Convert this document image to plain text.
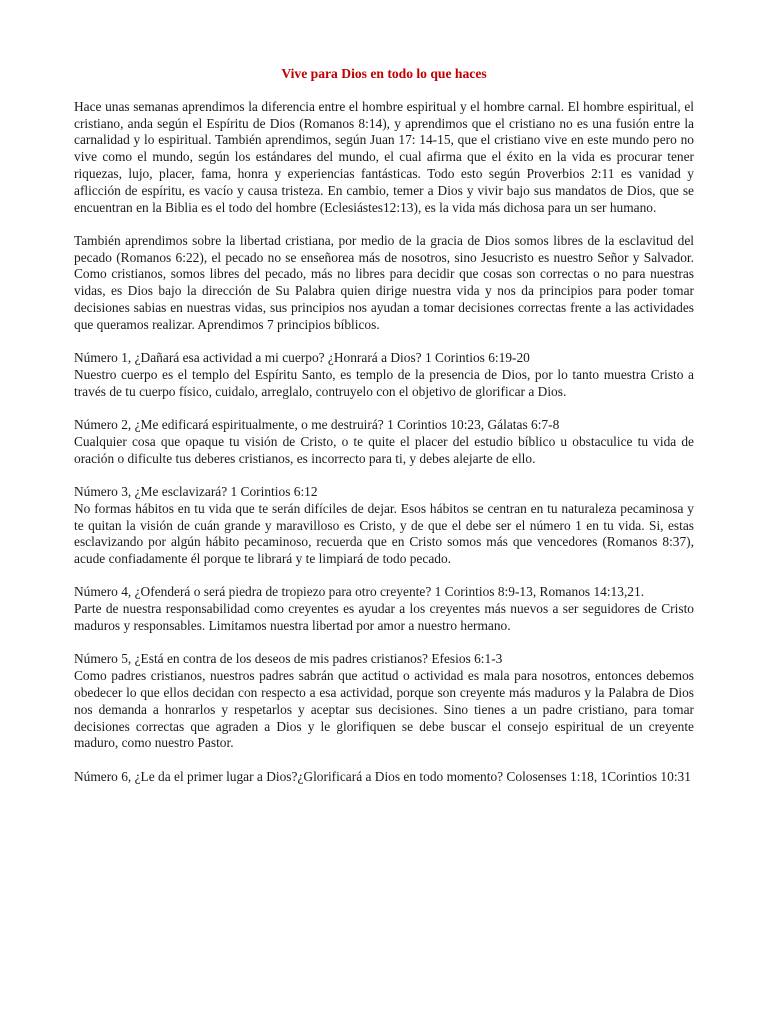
Vive para Dios en todo lo que haces

Hace unas semanas aprendimos la diferencia entre el hombre espiritual y el hombre carnal. El hombre espiritual, el cristiano, anda según el Espíritu de Dios (Romanos 8:14), y aprendimos que el cristiano no es una fusión entre la carnalidad y lo espiritual. También aprendimos, según Juan 17: 14-15, que el cristiano vive en este mundo pero no vive como el mundo, según los estándares del mundo, el cual afirma que el éxito en la vida es procurar tener riquezas, lujo, placer, fama, honra y experiencias fantásticas. Todo esto según Proverbios 2:11 es vanidad y aflicción de espíritu, es vacío y causa tristeza. En cambio, temer a Dios y vivir bajo sus mandatos de Dios, que se encuentran en la Biblia es el todo del hombre (Eclesiástes12:13), es la vida más dichosa para un ser humano.

También aprendimos sobre la libertad cristiana, por medio de la gracia de Dios somos libres de la esclavitud del pecado (Romanos 6:22), el pecado no se enseñorea más de nosotros, sino Jesucristo es nuestro Señor y Salvador. Como cristianos, somos libres del pecado, más no libres para decidir que cosas son correctas o no para nuestras vidas, es Dios bajo la dirección de Su Palabra quien dirige nuestra vida y nos da principios para poder tomar decisiones sabias en nuestras vidas, sus principios nos ayudan a tomar decisiones correctas frente a las actividades que queramos realizar. Aprendimos 7 principios bíblicos.

Número 1, ¿Dañará esa actividad a mi cuerpo? ¿Honrará a Dios? 1 Corintios 6:19-20
Nuestro cuerpo es el templo del Espíritu Santo, es templo de la presencia de Dios, por lo tanto muestra Cristo a través de tu cuerpo físico, cuidalo, arreglalo, contruyelo con el objetivo de glorificar a Dios.
Número 2, ¿Me edificará espiritualmente, o me destruirá? 1 Corintios 10:23, Gálatas 6:7-8
Cualquier cosa que opaque tu visión de Cristo, o te quite el placer del estudio bíblico u obstaculice tu vida de oración o dificulte tus deberes cristianos, es incorrecto para ti, y debes alejarte de ello.
Número 3, ¿Me esclavizará? 1 Corintios 6:12
No formas hábitos en tu vida que te serán difíciles de dejar. Esos hábitos se centran en tu naturaleza pecaminosa y te quitan la visión de cuán grande y maravilloso es Cristo, y de que el debe ser el número 1 en tu vida. Si, estas esclavizando por algún hábito pecaminoso, recuerda que en Cristo somos más que vencedores (Romanos 8:37), acude confiadamente él porque te librará y te limpiará de todo pecado.
Número 4, ¿Ofenderá o será piedra de tropiezo para otro creyente? 1 Corintios 8:9-13, Romanos 14:13,21.
Parte de nuestra responsabilidad como creyentes es ayudar a los creyentes más nuevos a ser seguidores de Cristo maduros y responsables. Limitamos nuestra libertad por amor a nuestro hermano.
Número 5, ¿Está en contra de los deseos de mis padres cristianos? Efesios 6:1-3
Como padres cristianos, nuestros padres sabrán que actitud o actividad es mala para nosotros, entonces debemos obedecer lo que ellos decidan con respecto a esa actividad, porque son creyente más maduros y la Palabra de Dios nos demanda a honrarlos y respetarlos y aceptar sus decisiones. Sino tienes a un padre cristiano, para tomar decisiones correctas que agraden a Dios y le glorifiquen se debe buscar el consejo espiritual de un creyente maduro, como nuestro Pastor.
Número 6, ¿Le da el primer lugar a Dios?¿Glorificará a Dios en todo momento? Colosenses 1:18, 1Corintios 10:31
